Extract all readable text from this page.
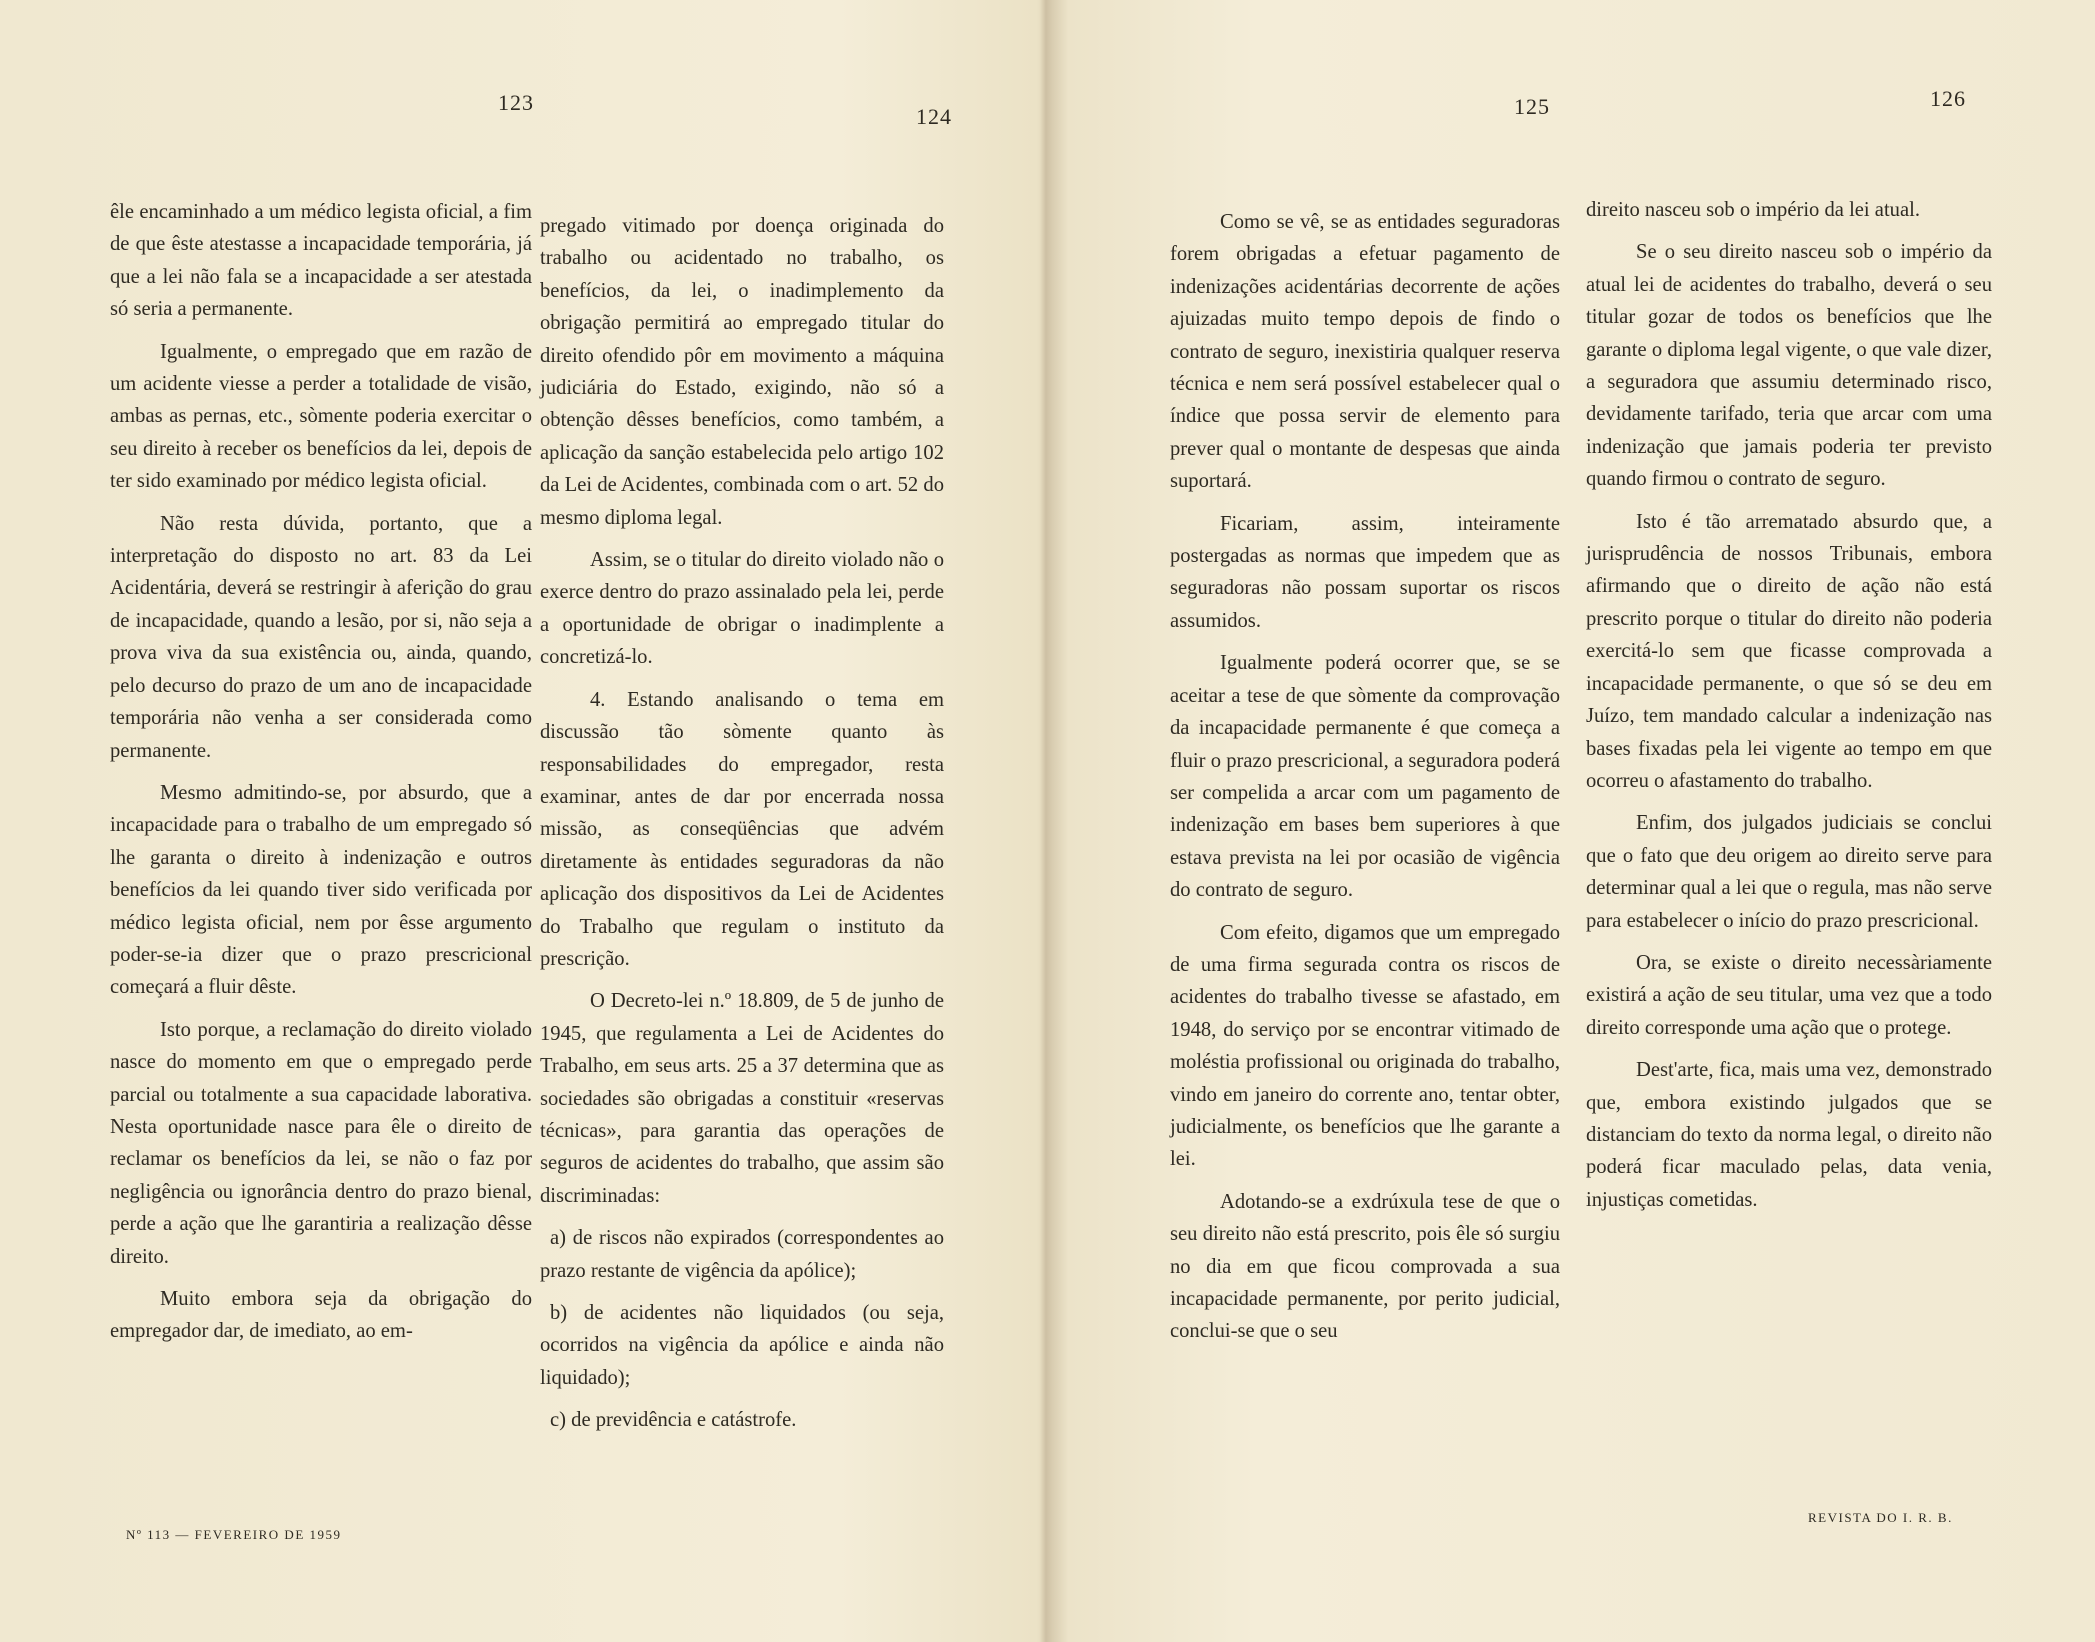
123
124	125	126

êle encaminhado a um médico legista oficial, a fim de que êste atestasse a incapacidade temporária, já que a lei não fala se a incapacidade a ser atestada só seria a permanente.

Igualmente, o empregado que em razão de um acidente viesse a perder a totalidade de visão, ambas as pernas, etc., sòmente poderia exercitar o seu direito à receber os benefícios da lei, depois de ter sido examinado por médico legista oficial.

Não resta dúvida, portanto, que a interpretação do disposto no art. 83 da Lei Acidentária, deverá se restringir à aferição do grau de incapacidade, quando a lesão, por si, não seja a prova viva da sua existência ou, ainda, quando, pelo decurso do prazo de um ano de incapacidade temporária não venha a ser considerada como permanente.

Mesmo admitindo-se, por absurdo, que a incapacidade para o trabalho de um empregado só lhe garanta o direito à indenização e outros benefícios da lei quando tiver sido verificada por médico legista oficial, nem por êsse argumento poder-se-ia dizer que o prazo prescricional começará a fluir dêste.

Isto porque, a reclamação do direito violado nasce do momento em que o empregado perde parcial ou totalmente a sua capacidade laborativa. Nesta oportunidade nasce para êle o direito de reclamar os benefícios da lei, se não o faz por negligência ou ignorância dentro do prazo bienal, perde a ação que lhe garantiria a realização dêsse direito.

Muito embora seja da obrigação do empregador dar, de imediato, ao em-

pregado vitimado por doença originada do trabalho ou acidentado no trabalho, os benefícios, da lei, o inadimplemento da obrigação permitirá ao empregado titular do direito ofendido pôr em movimento a máquina judiciária do Estado, exigindo, não só a obtenção dêsses benefícios, como também, a aplicação da sanção estabelecida pelo artigo 102 da Lei de Acidentes, combinada com o art. 52 do mesmo diploma legal.

Assim, se o titular do direito violado não o exerce dentro do prazo assinalado pela lei, perde a oportunidade de obrigar o inadimplente a concretizá-lo.

4. Estando analisando o tema em discussão tão sòmente quanto às responsabilidades do empregador, resta examinar, antes de dar por encerrada nossa missão, as conseqüências que advém diretamente às entidades seguradoras da não aplicação dos dispositivos da Lei de Acidentes do Trabalho que regulam o instituto da prescrição.

O Decreto-lei n.º 18.809, de 5 de junho de 1945, que regulamenta a Lei de Acidentes do Trabalho, em seus arts. 25 a 37 determina que as sociedades são obrigadas a constituir «reservas técnicas», para garantia das operações de seguros de acidentes do trabalho, que assim são discriminadas:

a) de riscos não expirados (correspondentes ao prazo restante de vigência da apólice);

b) de acidentes não liquidados (ou seja, ocorridos na vigência da apólice e ainda não liquidado);

c) de previdência e catástrofe.

Como se vê, se as entidades seguradoras forem obrigadas a efetuar pagamento de indenizações acidentárias decorrente de ações ajuizadas muito tempo depois de findo o contrato de seguro, inexistiria qualquer reserva técnica e nem será possível estabelecer qual o índice que possa servir de elemento para prever qual o montante de despesas que ainda suportará.

Ficariam, assim, inteiramente postergadas as normas que impedem que as seguradoras não possam suportar os riscos assumidos.

Igualmente poderá ocorrer que, se se aceitar a tese de que sòmente da comprovação da incapacidade permanente é que começa a fluir o prazo prescricional, a seguradora poderá ser compelida a arcar com um pagamento de indenização em bases bem superiores à que estava prevista na lei por ocasião de vigência do contrato de seguro.

Com efeito, digamos que um empregado de uma firma segurada contra os riscos de acidentes do trabalho tivesse se afastado, em 1948, do serviço por se encontrar vitimado de moléstia profissional ou originada do trabalho, vindo em janeiro do corrente ano, tentar obter, judicialmente, os benefícios que lhe garante a lei.

Adotando-se a exdrúxula tese de que o seu direito não está prescrito, pois êle só surgiu no dia em que ficou comprovada a sua incapacidade permanente, por perito judicial, conclui-se que o seu

direito nasceu sob o império da lei atual.

Se o seu direito nasceu sob o império da atual lei de acidentes do trabalho, deverá o seu titular gozar de todos os benefícios que lhe garante o diploma legal vigente, o que vale dizer, a seguradora que assumiu determinado risco, devidamente tarifado, teria que arcar com uma indenização que jamais poderia ter previsto quando firmou o contrato de seguro.

Isto é tão arrematado absurdo que, a jurisprudência de nossos Tribunais, embora afirmando que o direito de ação não está prescrito porque o titular do direito não poderia exercitá-lo sem que ficasse comprovada a incapacidade permanente, o que só se deu em Juízo, tem mandado calcular a indenização nas bases fixadas pela lei vigente ao tempo em que ocorreu o afastamento do trabalho.

Enfim, dos julgados judiciais se conclui que o fato que deu origem ao direito serve para determinar qual a lei que o regula, mas não serve para estabelecer o início do prazo prescricional.

Ora, se existe o direito necessàriamente existirá a ação de seu titular, uma vez que a todo direito corresponde uma ação que o protege.

Dest'arte, fica, mais uma vez, demonstrado que, embora existindo julgados que se distanciam do texto da norma legal, o direito não poderá ficar maculado pelas, data venia, injustiças cometidas.

Nº 113 — FEVEREIRO DE 1959
REVISTA DO I. R. B.
